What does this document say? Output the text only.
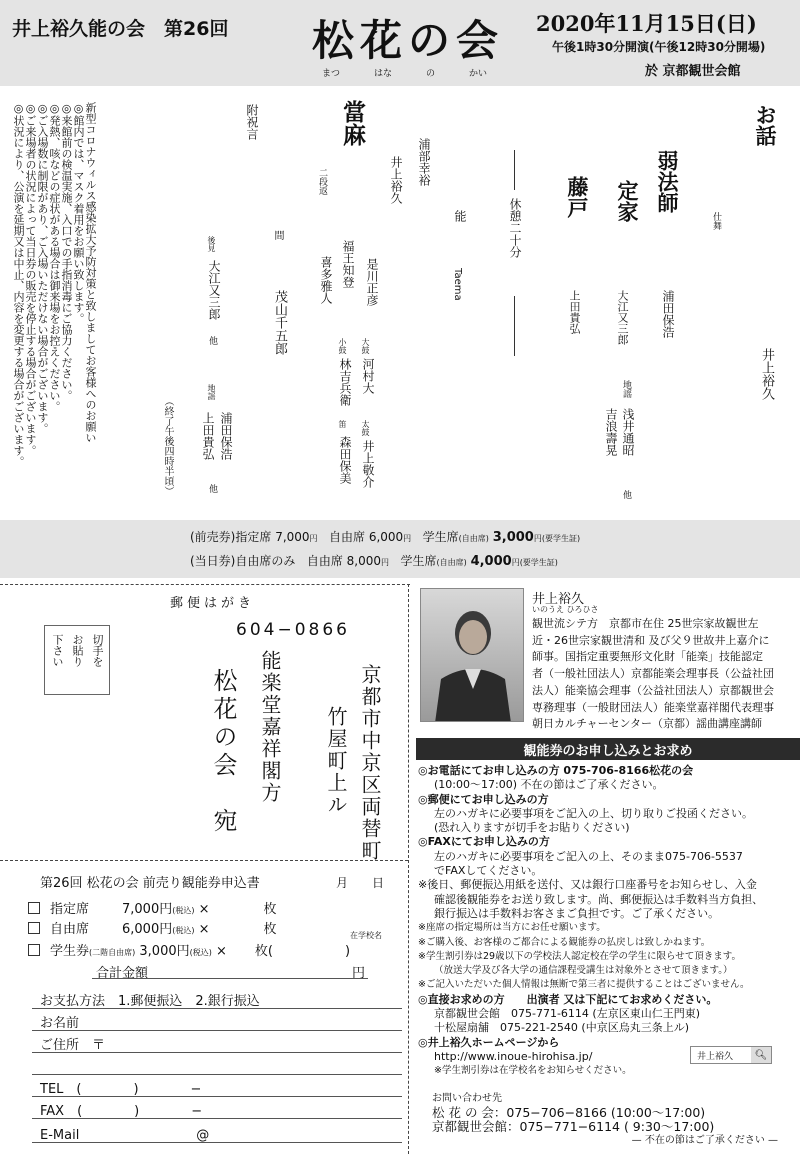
井上裕久能の会　第26回 松花の会
まつ	はな	の	かい
2020年11月15日(日)
午後1時30分開演(午後12時30分開場)
於 京都観世会館
お話
井上裕久
仕舞
弱法師
浦田保浩
定家
大江又三郎
藤戸
上田貴弘
地謡
浅井通昭
吉浪壽晃
他
休憩二十分
能
Taema
浦部幸裕
井上裕久
當麻
二段返
是川正彦
福王知登
喜多雅人
大鼓
河村大
太鼓
井上敬介
小鼓
林吉兵衛
笛
森田保美
間
茂山千五郎
附祝言
後見
大江又三郎
他
地謡
浦田保浩
上田貴弘
他
（終了午後四時半頃）
新型コロナウィルス感染拡大予防対策と致しましてお客様へのお願い
◎館内では、マスク着用をお願い致します。
◎来館前の検温実施、入口での手指消毒にご協力ください。
◎発熱、咳などの症状がある場合は御来場をお控えください。
◎ご入場数に制限があり、ご入場いただけない場合がございます。
◎ご来場者の状況によって当日券の販売を停止する場合がございます。
◎状況により、公演を延期又は中止、内容を変更する場合がございます。
(前売券)指定席 7,000円 自由席 6,000円 学生席(自由席) 3,000円(要学生証)
(当日券)自由席のみ 自由席 8,000円 学生席(自由席) 4,000円(要学生証)
郵便はがき
切手を
お貼り
下さい
604−0866
京都市中京区両替町
竹屋町上ル
能楽堂嘉祥閣方
松花の会　宛
第26回 松花の会 前売り観能券申込書	月　　日
指定席	7,000円(税込) ×	枚
自由席	6,000円(税込) ×	枚
学生券(二階自由席) 3,000円(税込) × 枚(	)
在学校名
合計金額	円
お支払方法　1.郵便振込　2.銀行振込
お名前
ご住所　〒
TEL　(　　　　)　　　　−
FAX　(　　　　)　　　　−
E-Mail　　　　　　　　　@
井上裕久
いのうえ ひろひさ
観世流シテ方　京都市在住 25世宗家故観世左
近・26世宗家観世清和 及び父９世故井上嘉介に
師事。国指定重要無形文化財「能楽」技能認定
者（一般社団法人）京都能楽会理事長（公益社団
法人）能楽協会理事（公益社団法人）京都観世会
専務理事（一般財団法人）能楽堂嘉祥閣代表理事
朝日カルチャーセンター（京都）謡曲講座講師
観能券のお申し込みとお求め
◎お電話にてお申し込みの方 075-706-8166松花の会
(10:00〜17:00) 不在の節はご了承ください。
◎郵便にてお申し込みの方
左のハガキに必要事項をご記入の上、切り取りご投函ください。
(恐れ入りますが切手をお貼りください)
◎FAXにてお申し込みの方
左のハガキに必要事項をご記入の上、そのまま075-706-5537
でFAXしてください。
※後日、郵便振込用紙を送付、又は銀行口座番号をお知らせし、入金
確認後観能券をお送り致します。尚、郵便振込は手数料当方負担、
銀行振込は手数料お客さまご負担です。ご了承ください。
※座席の指定場所は当方にお任せ願います。
※ご購入後、お客様のご都合による観能券の払戻しは致しかねます。
※学生割引券は29歳以下の学校法人認定校在学の学生に限らせて頂きます。
（放送大学及び各大学の通信課程受講生は対象外とさせて頂きます。）
※ご記入いただいた個人情報は無断で第三者に提供することはございません。
◎直接お求めの方　　出演者 又は下記にてお求めください。
京都観世会館　075-771-6114 (左京区東山仁王門東)
十松屋扇舗　075-221-2540 (中京区烏丸三条上ル)
◎井上裕久ホームページから
http://www.inoue-hirohisa.jp/
※学生割引券は在学校名をお知らせください。
井上裕久	🔍︎
お問い合わせ先
松 花 の 会：075−706−8166 (10:00〜17:00)
京都観世会館：075−771−6114 ( 9:30〜17:00)
— 不在の節はご了承ください —
